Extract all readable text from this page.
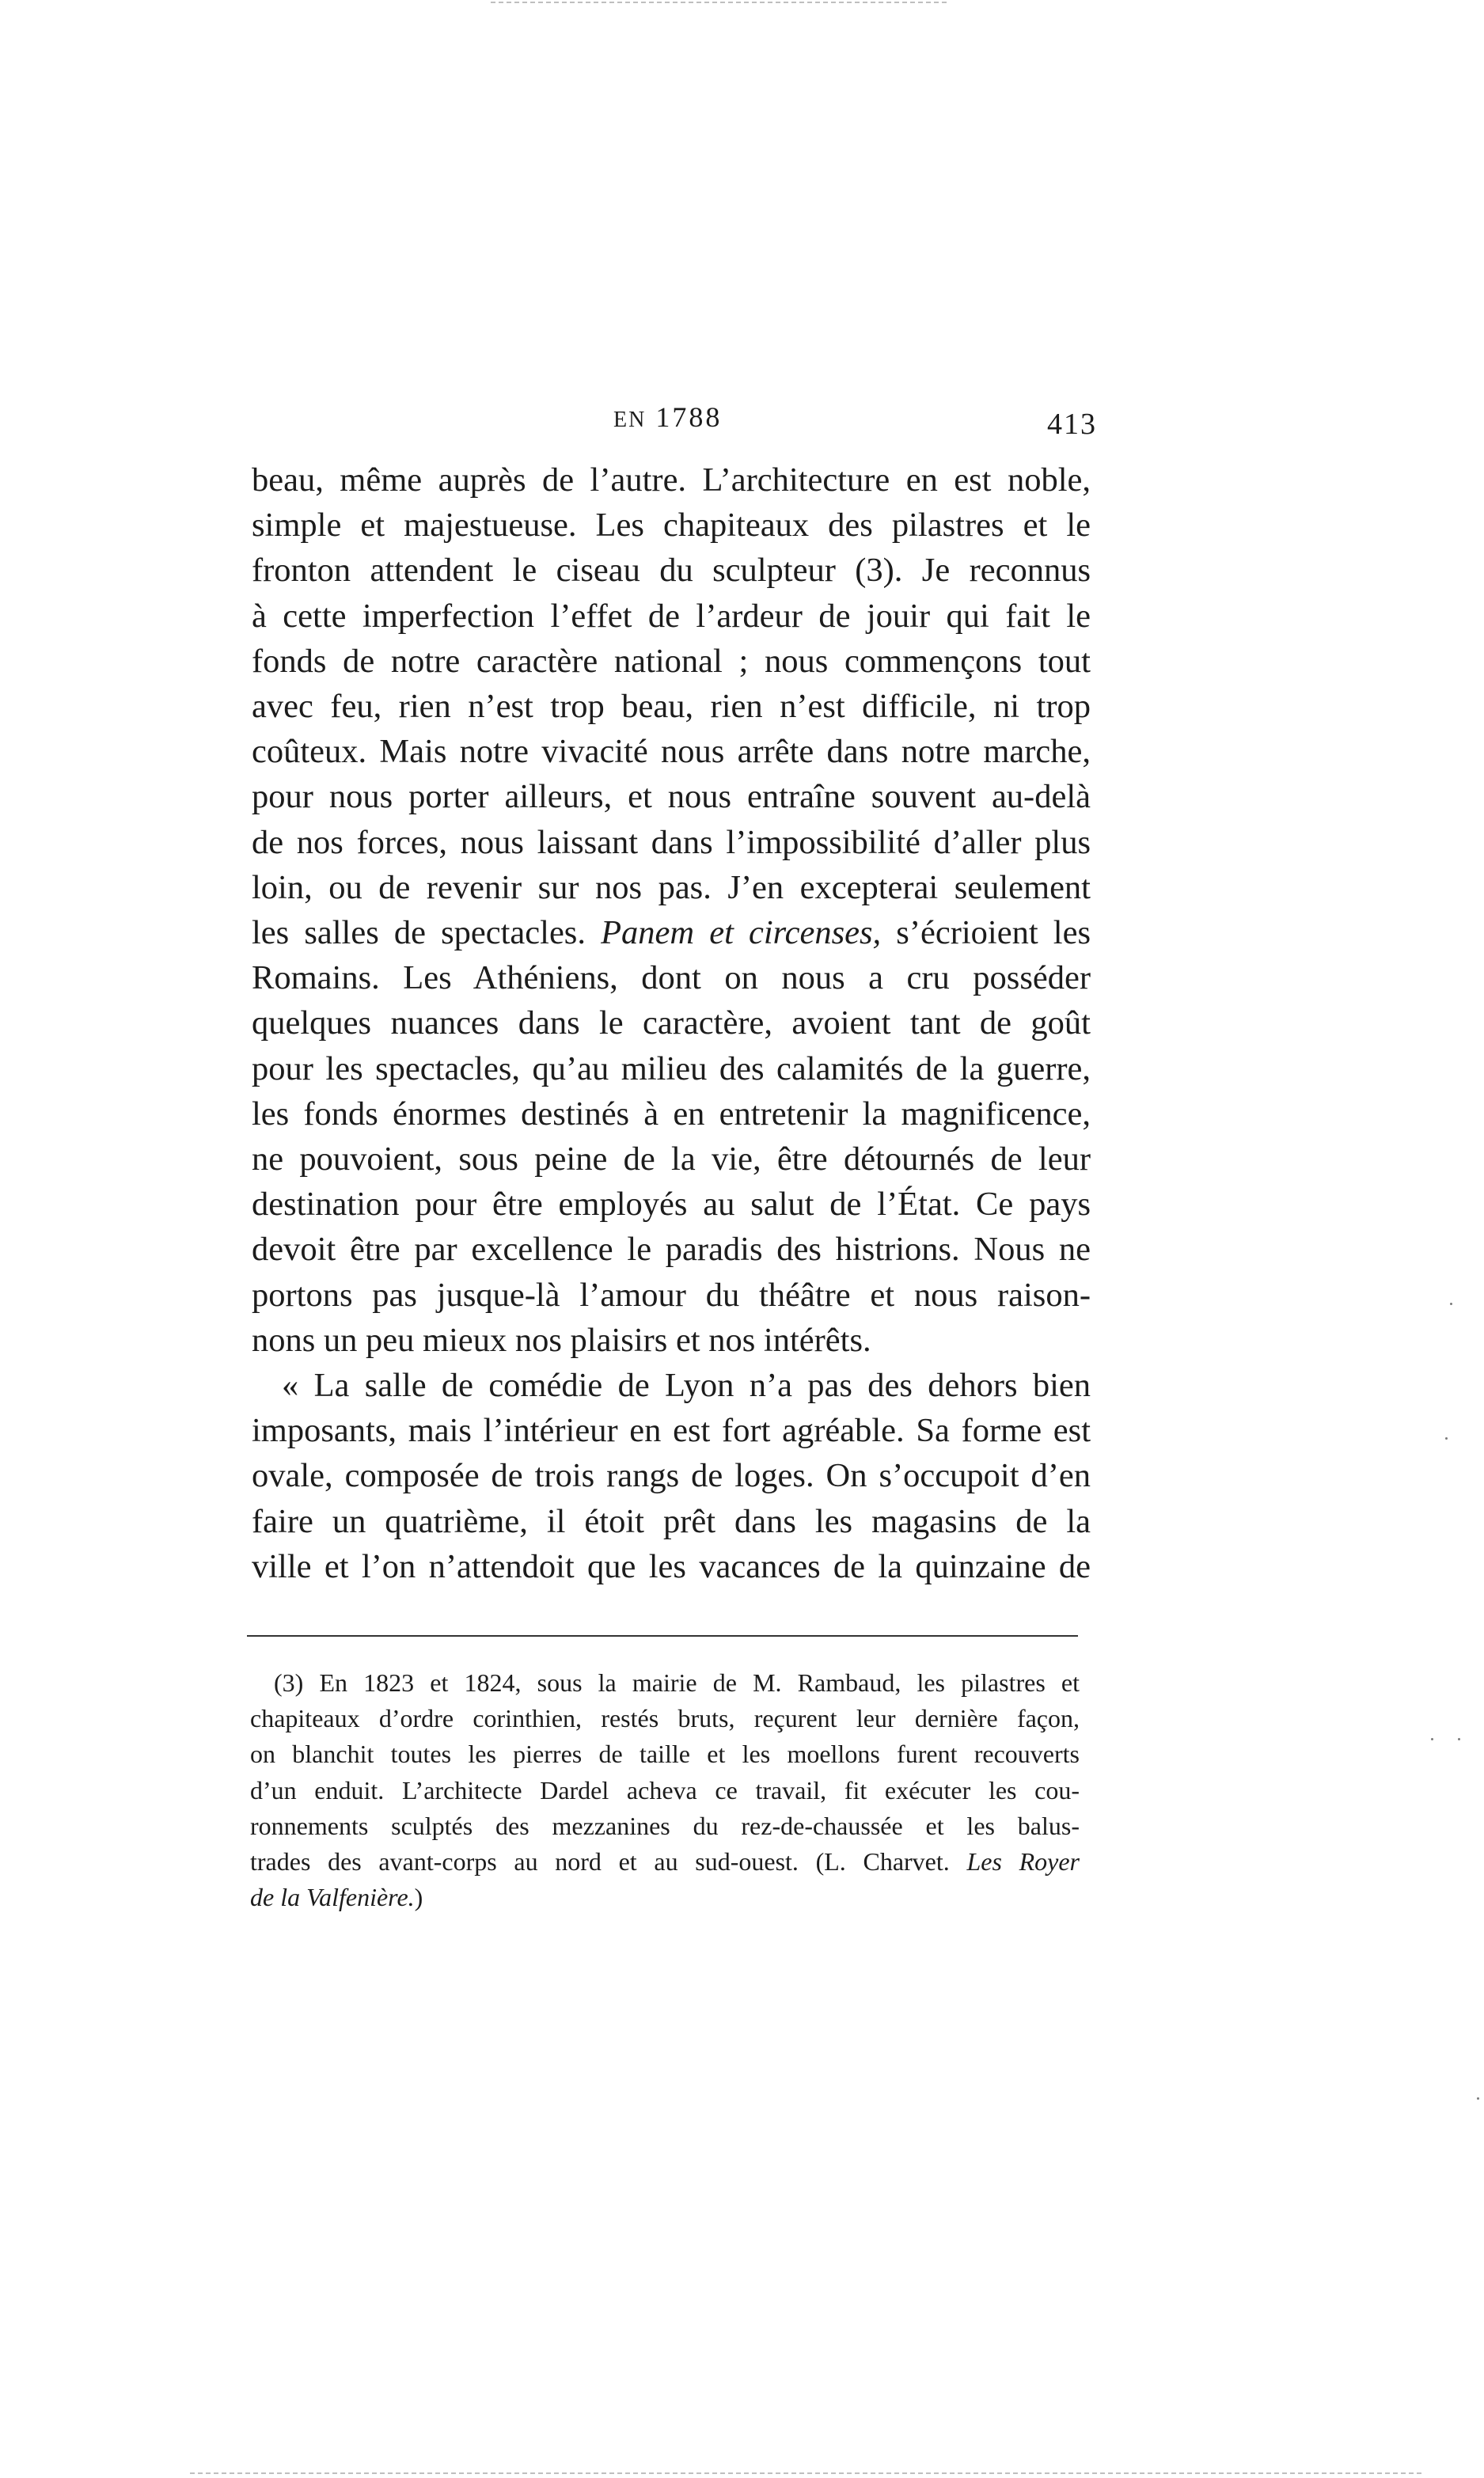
EN 1788	413
beau, même auprès de l’autre. L’architecture en est noble,
simple et majestueuse. Les chapiteaux des pilastres et le
fronton attendent le ciseau du sculpteur (3). Je reconnus
à cette imperfection l’effet de l’ardeur de jouir qui fait le
fonds de notre caractère national ; nous commençons tout
avec feu, rien n’est trop beau, rien n’est difficile, ni trop
coûteux. Mais notre vivacité nous arrête dans notre marche,
pour nous porter ailleurs, et nous entraîne souvent au-delà
de nos forces, nous laissant dans l’impossibilité d’aller plus
loin, ou de revenir sur nos pas. J’en excepterai seulement
les salles de spectacles. Panem et circenses, s’écrioient les
Romains. Les Athéniens, dont on nous a cru posséder
quelques nuances dans le caractère, avoient tant de goût
pour les spectacles, qu’au milieu des calamités de la guerre,
les fonds énormes destinés à en entretenir la magnificence,
ne pouvoient, sous peine de la vie, être détournés de leur
destination pour être employés au salut de l’État. Ce pays
devoit être par excellence le paradis des histrions. Nous ne
portons pas jusque-là l’amour du théâtre et nous raison-
nons un peu mieux nos plaisirs et nos intérêts.
« La salle de comédie de Lyon n’a pas des dehors bien
imposants, mais l’intérieur en est fort agréable. Sa forme est
ovale, composée de trois rangs de loges. On s’occupoit d’en
faire un quatrième, il étoit prêt dans les magasins de la
ville et l’on n’attendoit que les vacances de la quinzaine de
(3) En 1823 et 1824, sous la mairie de M. Rambaud, les pilastres et
chapiteaux d’ordre corinthien, restés bruts, reçurent leur dernière façon,
on blanchit toutes les pierres de taille et les moellons furent recouverts
d’un enduit. L’architecte Dardel acheva ce travail, fit exécuter les cou-
ronnements sculptés des mezzanines du rez-de-chaussée et les balus-
trades des avant-corps au nord et au sud-ouest. (L. Charvet. Les Royer
de la Valfenière.)
